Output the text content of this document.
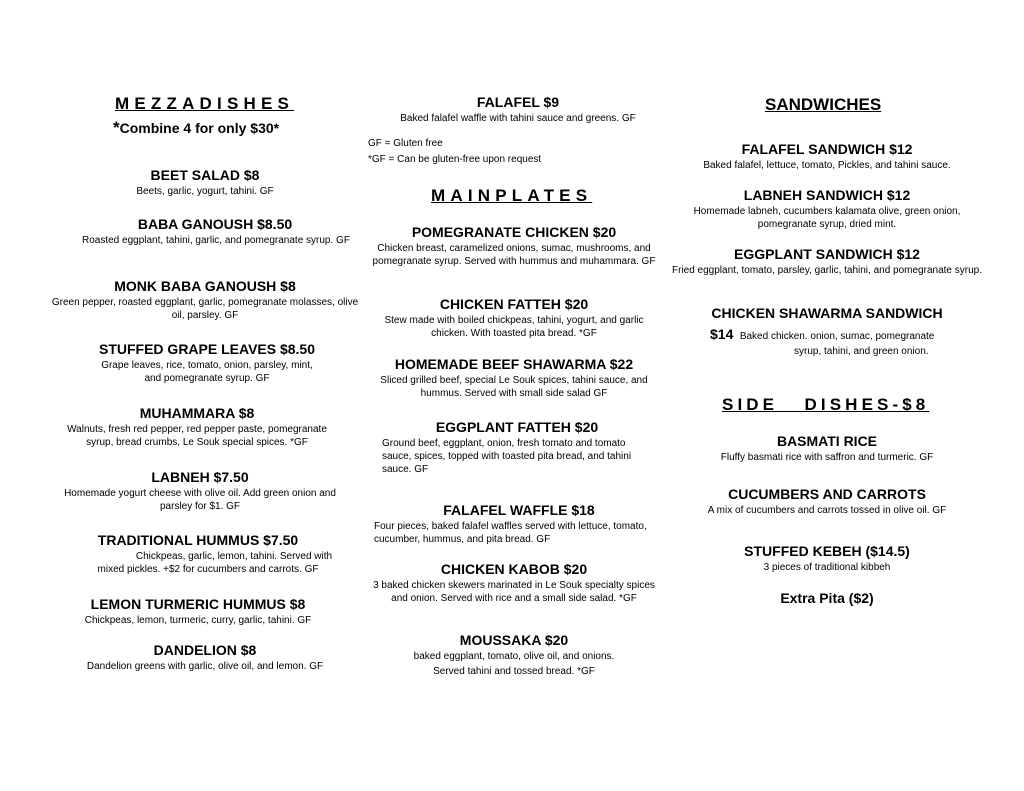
MEZZADISHES
*Combine 4 for only $30*
BEET SALAD $8
Beets, garlic, yogurt, tahini. GF
BABA GANOUSH $8.50
Roasted eggplant, tahini, garlic, and pomegranate syrup. GF
MONK BABA GANOUSH $8
Green pepper, roasted eggplant, garlic, pomegranate molasses, olive oil, parsley. GF
STUFFED GRAPE LEAVES $8.50
Grape leaves, rice, tomato, onion, parsley, mint, and pomegranate syrup. GF
MUHAMMARA $8
Walnuts, fresh red pepper, red pepper paste, pomegranate syrup, bread crumbs, Le Souk special spices. *GF
LABNEH $7.50
Homemade yogurt cheese with olive oil. Add green onion and parsley for $1. GF
TRADITIONAL HUMMUS $7.50
Chickpeas, garlic, lemon, tahini. Served with mixed pickles. +$2 for cucumbers and carrots. GF
LEMON TURMERIC HUMMUS $8
Chickpeas, lemon, turmeric, curry, garlic, tahini. GF
DANDELION $8
Dandelion greens with garlic, olive oil, and lemon. GF
FALAFEL $9
Baked falafel waffle with tahini sauce and greens. GF
GF = Gluten free
*GF = Can be gluten-free upon request
MAINPLATES
POMEGRANATE CHICKEN $20
Chicken breast, caramelized onions, sumac, mushrooms, and pomegranate syrup. Served with hummus and muhammara. GF
CHICKEN FATTEH $20
Stew made with boiled chickpeas, tahini, yogurt, and garlic chicken. With toasted pita bread. *GF
HOMEMADE BEEF SHAWARMA $22
Sliced grilled beef, special Le Souk spices, tahini sauce, and hummus. Served with small side salad GF
EGGPLANT FATTEH $20
Ground beef, eggplant, onion, fresh tomato and tomato sauce, spices, topped with toasted pita bread, and tahini sauce. GF
FALAFEL WAFFLE $18
Four pieces, baked falafel waffles served with lettuce, tomato, cucumber, hummus, and pita bread. GF
CHICKEN KABOB $20
3 baked chicken skewers marinated in Le Souk specialty spices and onion. Served with rice and a small side salad. *GF
MOUSSAKA $20
baked eggplant, tomato, olive oil, and onions.
Served tahini and tossed bread. *GF
SANDWICHES
FALAFEL SANDWICH $12
Baked falafel, lettuce, tomato, Pickles, and tahini sauce.
LABNEH SANDWICH $12
Homemade labneh, cucumbers kalamata olive, green onion, pomegranate syrup, dried mint.
EGGPLANT SANDWICH $12
Fried eggplant, tomato, parsley, garlic, tahini, and pomegranate syrup.
CHICKEN SHAWARMA SANDWICH
$14 Baked chicken. onion, sumac, pomegranate
syrup, tahini, and green onion.
SIDE   DISHES-$8
BASMATI RICE
Fluffy basmati rice with saffron and turmeric. GF
CUCUMBERS AND CARROTS
A mix of cucumbers and carrots tossed in olive oil. GF
STUFFED KEBEH ($14.5)
3 pieces of traditional kibbeh
Extra Pita ($2)
